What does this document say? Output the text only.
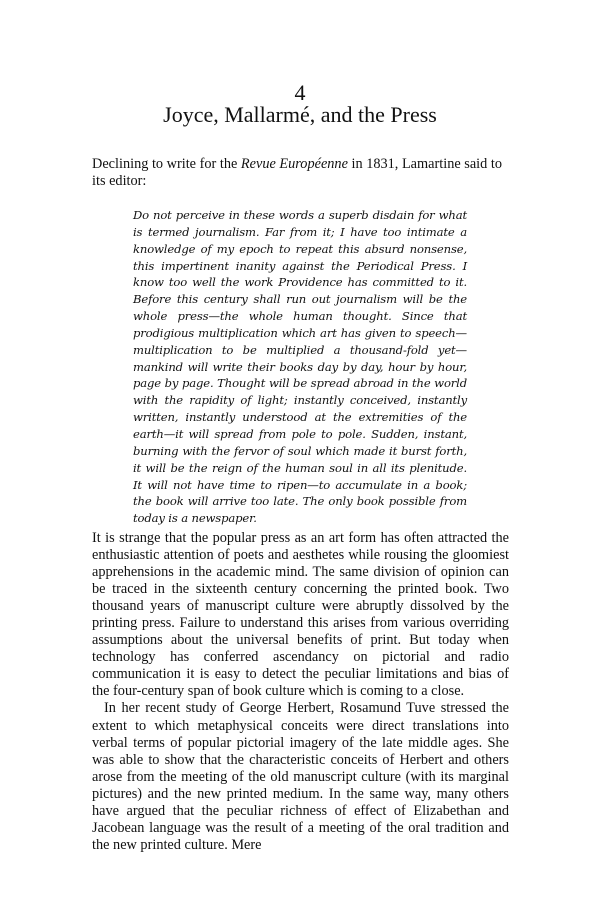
4
Joyce, Mallarmé, and the Press
Declining to write for the Revue Européenne in 1831, Lamartine said to its editor:
Do not perceive in these words a superb disdain for what is termed journalism. Far from it; I have too intimate a knowledge of my epoch to repeat this absurd nonsense, this impertinent inanity against the Periodical Press. I know too well the work Providence has committed to it. Before this century shall run out journalism will be the whole press—the whole human thought. Since that prodigious multiplication which art has given to speech—multiplication to be multiplied a thousand-fold yet—mankind will write their books day by day, hour by hour, page by page. Thought will be spread abroad in the world with the rapidity of light; instantly conceived, instantly written, instantly understood at the extremities of the earth—it will spread from pole to pole. Sudden, instant, burning with the fervor of soul which made it burst forth, it will be the reign of the human soul in all its plenitude. It will not have time to ripen—to accumulate in a book; the book will arrive too late. The only book possible from today is a newspaper.

It is strange that the popular press as an art form has often attracted the enthusiastic attention of poets and aesthetes while rousing the gloomiest apprehensions in the academic mind. The same division of opinion can be traced in the sixteenth century concerning the printed book. Two thousand years of manuscript culture were abruptly dissolved by the printing press. Failure to understand this arises from various overriding assumptions about the universal benefits of print. But today when technology has conferred ascendancy on pictorial and radio communication it is easy to detect the peculiar limitations and bias of the four-century span of book culture which is coming to a close.

In her recent study of George Herbert, Rosamund Tuve stressed the extent to which metaphysical conceits were direct translations into verbal terms of popular pictorial imagery of the late middle ages. She was able to show that the characteristic conceits of Herbert and others arose from the meeting of the old manuscript culture (with its marginal pictures) and the new printed medium. In the same way, many others have argued that the peculiar richness of effect of Elizabethan and Jacobean language was the result of a meeting of the oral tradition and the new printed culture. Mere
